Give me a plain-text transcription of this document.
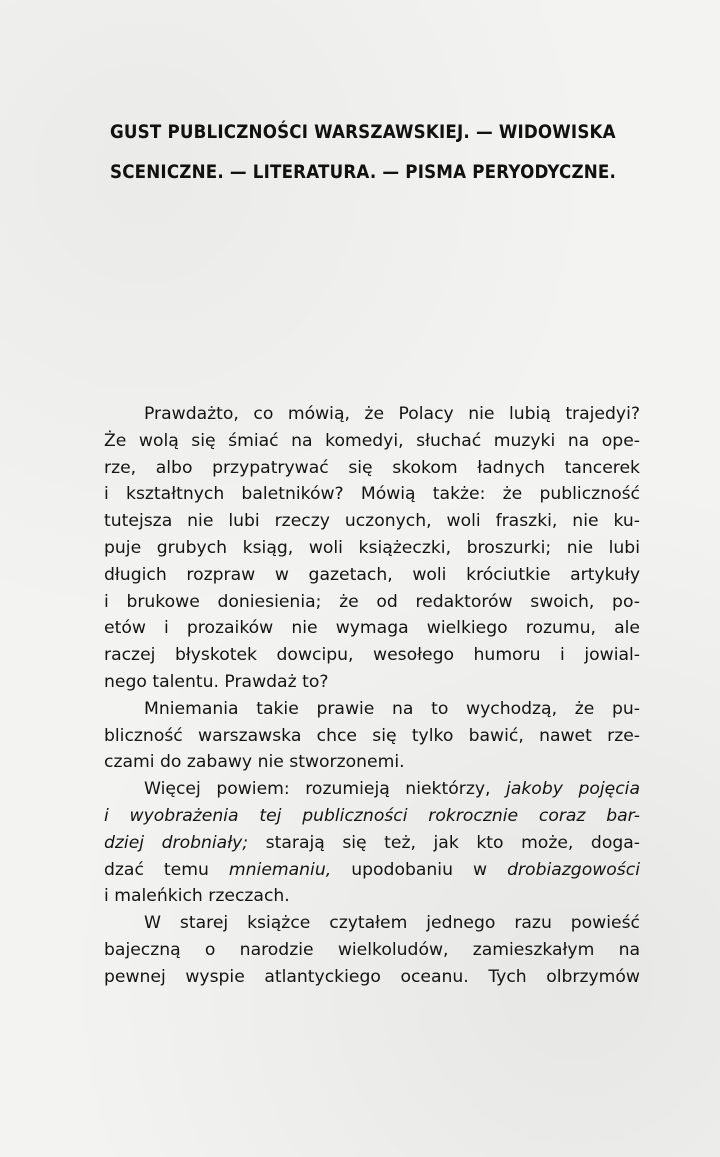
GUST PUBLICZNOŚCI WARSZAWSKIEJ. — WIDOWISKA
SCENICZNE. — LITERATURA. — PISMA PERYODYCZNE.
Prawdażto, co mówią, że Polacy nie lubią trajedyi?
Że wolą się śmiać na komedyi, słuchać muzyki na ope-
rze, albo przypatrywać się skokom ładnych tancerek
i kształtnych baletników? Mówią także: że publiczność
tutejsza nie lubi rzeczy uczonych, woli fraszki, nie ku-
puje grubych ksiąg, woli książeczki, broszurki; nie lubi
długich rozpraw w gazetach, woli króciutkie artykuły
i brukowe doniesienia; że od redaktorów swoich, po-
etów i prozaików nie wymaga wielkiego rozumu, ale
raczej błyskotek dowcipu, wesołego humoru i jowial-
nego talentu. Prawdaż to?
Mniemania takie prawie na to wychodzą, że pu-
bliczność warszawska chce się tylko bawić, nawet rze-
czami do zabawy nie stworzonemi.
Więcej powiem: rozumieją niektórzy, jakoby pojęcia
i wyobrażenia tej publiczności rokrocznie coraz bar-
dziej drobniały; starają się też, jak kto może, doga-
dzać temu mniemaniu, upodobaniu w drobiazgowości
i maleńkich rzeczach.
W starej książce czytałem jednego razu powieść
bajeczną o narodzie wielkoludów, zamieszkałym na
pewnej wyspie atlantyckiego oceanu. Tych olbrzymów
